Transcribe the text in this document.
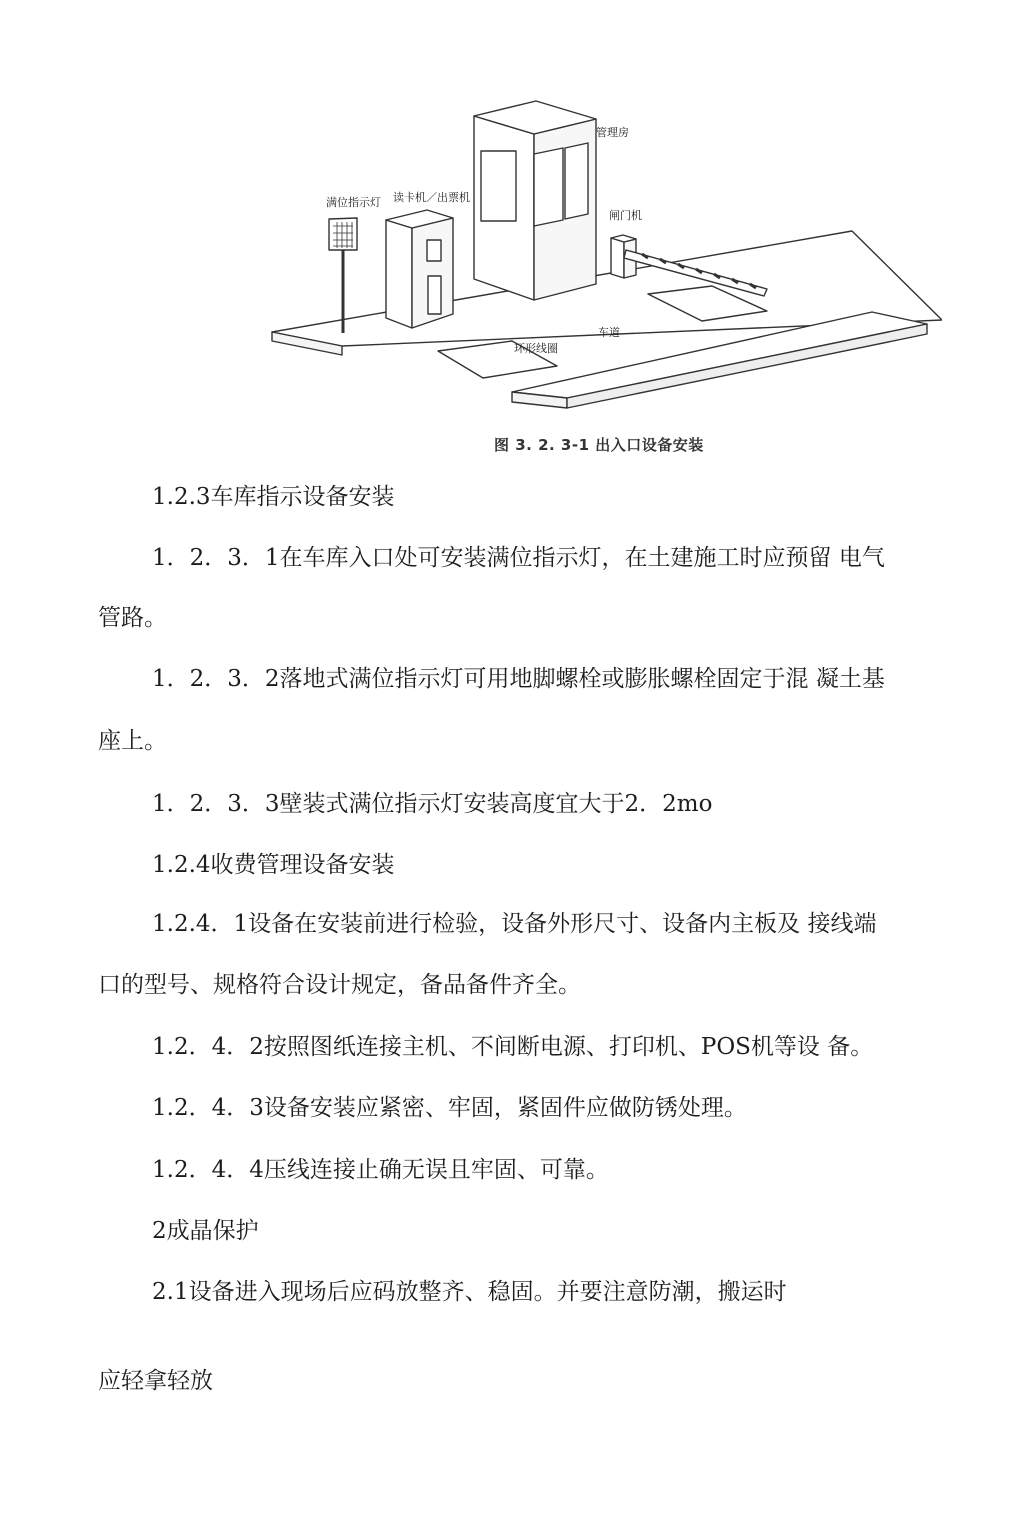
管理房
读卡机／出票机
满位指示灯
闸门机
车道
环形线圈
图 3. 2. 3-1 出入口设备安装
1.2.3车库指示设备安装
1．2．3．1在车库入口处可安装满位指示灯，在土建施工时应预留 电气
管路。
1．2．3．2落地式满位指示灯可用地脚螺栓或膨胀螺栓固定于混 凝土基
座上。
1．2．3．3壁装式满位指示灯安装高度宜大于2．2mo
1.2.4收费管理设备安装
1.2.4．1设备在安装前进行检验，设备外形尺寸、设备内主板及 接线端
口的型号、规格符合设计规定，备品备件齐全。
1.2．4．2按照图纸连接主机、不间断电源、打印机、POS机等设 备。
1.2．4．3设备安装应紧密、牢固，紧固件应做防锈处理。
1.2．4．4压线连接止确无误且牢固、可靠。
2成晶保护
2.1设备进入现场后应码放整齐、稳固。并要注意防潮，搬运时
应轻拿轻放
